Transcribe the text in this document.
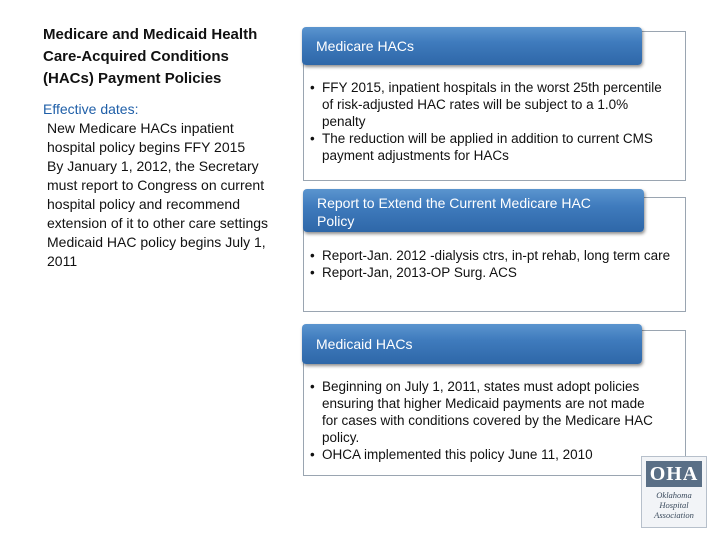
Medicare and Medicaid Health Care-Acquired Conditions (HACs) Payment Policies

Effective dates:

New Medicare HACs inpatient hospital policy begins FFY 2015

By January 1, 2012, the Secretary must report to Congress on current hospital policy and recommend extension of it to other care settings

Medicaid HAC policy begins July 1, 2011

Medicare HACs
• FFY 2015, inpatient hospitals in the worst 25th percentile of risk-adjusted HAC rates will be subject to a 1.0% penalty
• The reduction will be applied in addition to current CMS payment adjustments for HACs
Report to Extend the Current Medicare HAC Policy
• Report-Jan. 2012 -dialysis ctrs, in-pt rehab, long term care
• Report-Jan, 2013-OP Surg. ACS
Medicaid HACs
• Beginning on July 1, 2011, states must adopt policies ensuring that higher Medicaid payments are not made for cases with conditions covered by the Medicare HAC policy.
• OHCA implemented this policy June 11, 2010
OHA
Oklahoma Hospital Association
